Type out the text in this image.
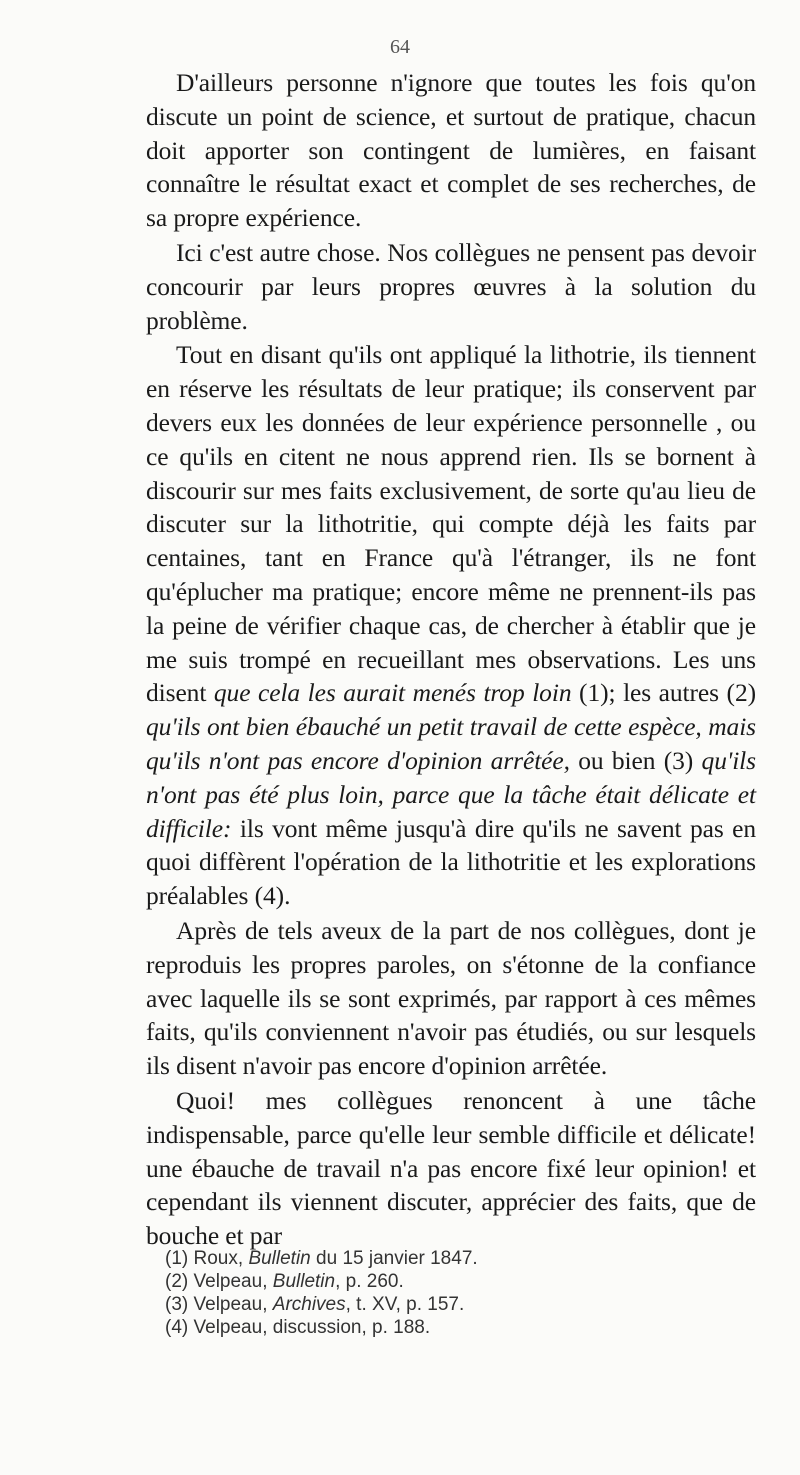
64

D'ailleurs personne n'ignore que toutes les fois qu'on discute un point de science, et surtout de pratique, chacun doit apporter son contingent de lumières, en faisant connaître le résultat exact et complet de ses recherches, de sa propre expérience.

Ici c'est autre chose. Nos collègues ne pensent pas devoir concourir par leurs propres œuvres à la solution du problème.

Tout en disant qu'ils ont appliqué la lithotrie, ils tiennent en réserve les résultats de leur pratique; ils conservent par devers eux les données de leur expérience personnelle , ou ce qu'ils en citent ne nous apprend rien. Ils se bornent à discourir sur mes faits exclusivement, de sorte qu'au lieu de discuter sur la lithotritie, qui compte déjà les faits par centaines, tant en France qu'à l'étranger, ils ne font qu'éplucher ma pratique; encore même ne prennent-ils pas la peine de vérifier chaque cas, de chercher à établir que je me suis trompé en recueillant mes observations. Les uns disent que cela les aurait menés trop loin (1); les autres (2) qu'ils ont bien ébauché un petit travail de cette espèce, mais qu'ils n'ont pas encore d'opinion arrêtée, ou bien (3) qu'ils n'ont pas été plus loin, parce que la tâche était délicate et difficile: ils vont même jusqu'à dire qu'ils ne savent pas en quoi diffèrent l'opération de la lithotritie et les explorations préalables (4).

Après de tels aveux de la part de nos collègues, dont je reproduis les propres paroles, on s'étonne de la confiance avec laquelle ils se sont exprimés, par rapport à ces mêmes faits, qu'ils conviennent n'avoir pas étudiés, ou sur lesquels ils disent n'avoir pas encore d'opinion arrêtée.

Quoi! mes collègues renoncent à une tâche indispensable, parce qu'elle leur semble difficile et délicate! une ébauche de travail n'a pas encore fixé leur opinion! et cependant ils viennent discuter, apprécier des faits, que de bouche et par

(1) Roux, Bulletin du 15 janvier 1847.
(2) Velpeau, Bulletin, p. 260.
(3) Velpeau, Archives, t. XV, p. 157.
(4) Velpeau, discussion, p. 188.
